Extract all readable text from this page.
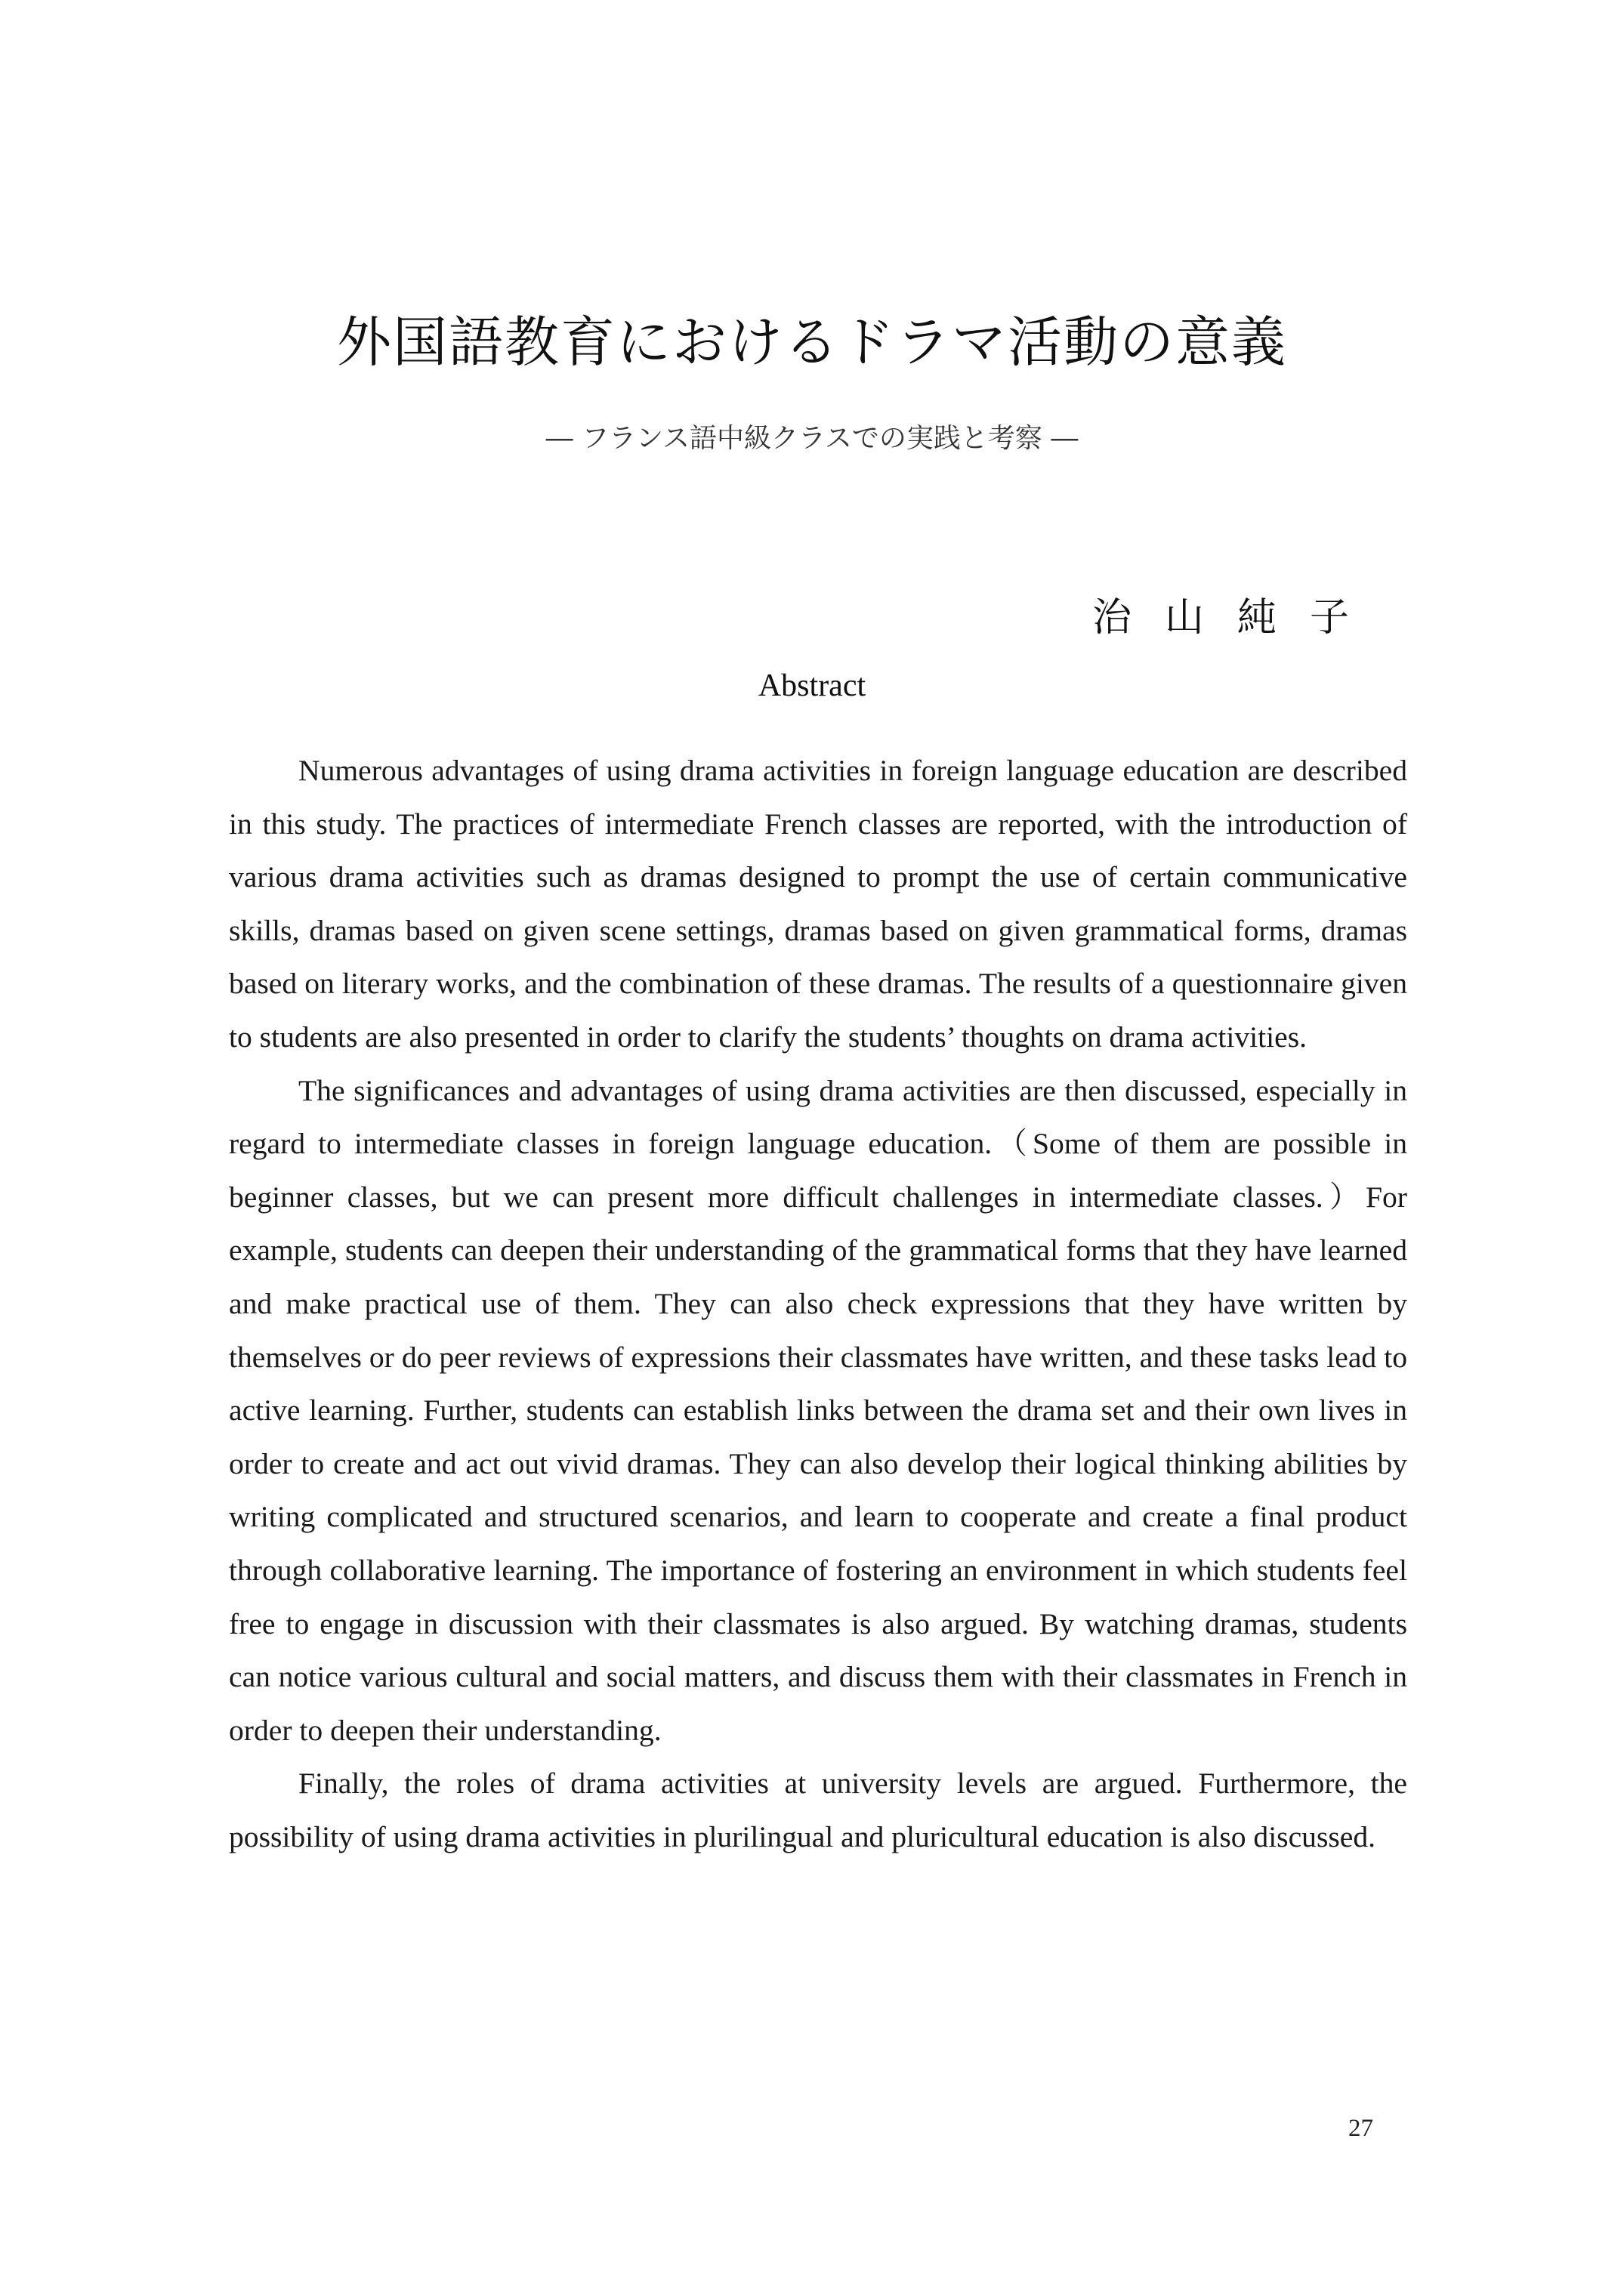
外国語教育におけるドラマ活動の意義

― フランス語中級クラスでの実践と考察 ―

治山純子

Abstract

Numerous advantages of using drama activities in foreign language education are described in this study. The practices of intermediate French classes are reported, with the introduction of various drama activities such as dramas designed to prompt the use of certain communicative skills, dramas based on given scene settings, dramas based on given grammatical forms, dramas based on literary works, and the combination of these dramas. The results of a questionnaire given to students are also presented in order to clarify the students’ thoughts on drama activities.

The significances and advantages of using drama activities are then discussed, especially in regard to intermediate classes in foreign language education.（Some of them are possible in beginner classes, but we can present more difficult challenges in intermediate classes.）For example, students can deepen their understanding of the grammatical forms that they have learned and make practical use of them. They can also check expressions that they have written by themselves or do peer reviews of expressions their classmates have written, and these tasks lead to active learning. Further, students can establish links between the drama set and their own lives in order to create and act out vivid dramas. They can also develop their logical thinking abilities by writing complicated and structured scenarios, and learn to cooperate and create a final product through collaborative learning. The importance of fostering an environment in which students feel free to engage in discussion with their classmates is also argued. By watching dramas, students can notice various cultural and social matters, and discuss them with their classmates in French in order to deepen their understanding.

Finally, the roles of drama activities at university levels are argued. Furthermore, the possibility of using drama activities in plurilingual and pluricultural education is also discussed.

27
